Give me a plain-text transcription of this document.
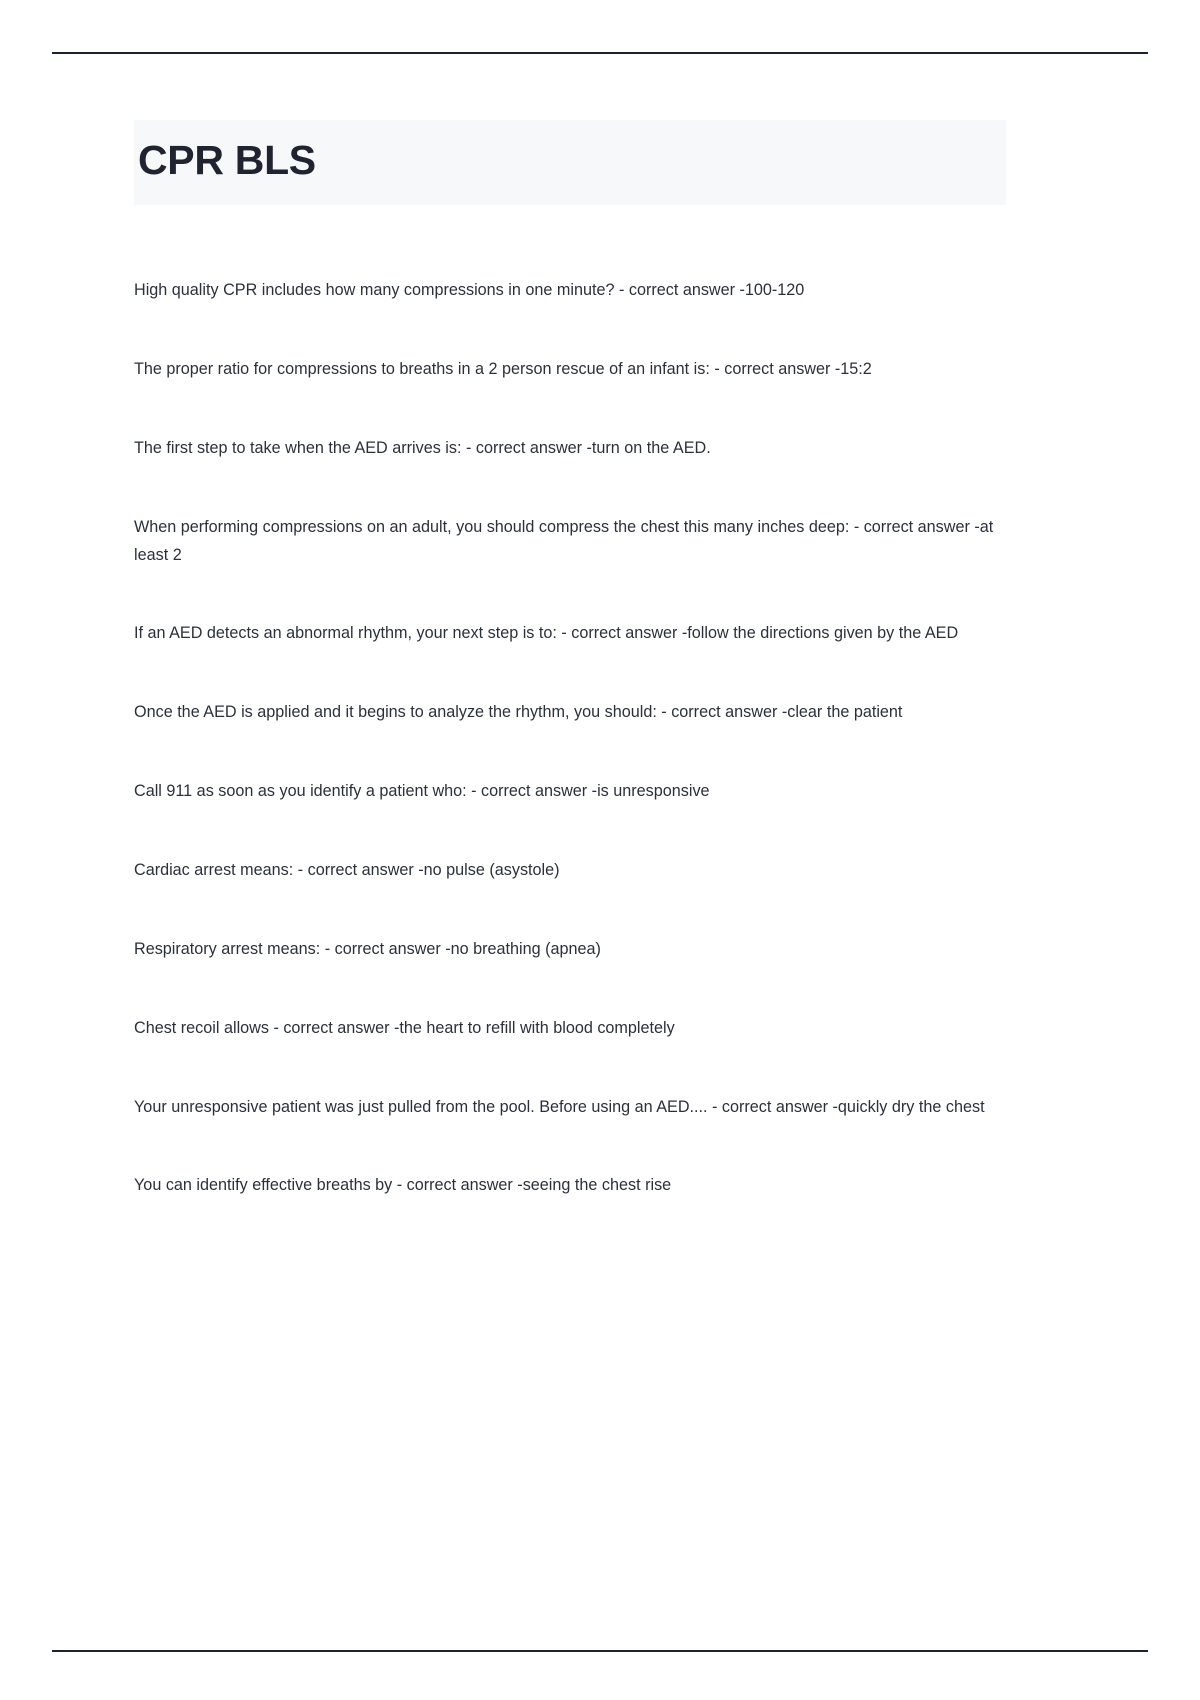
CPR BLS

High quality CPR includes how many compressions in one minute? - correct answer -100-120

The proper ratio for compressions to breaths in a 2 person rescue of an infant is: - correct answer -15:2

The first step to take when the AED arrives is: - correct answer -turn on the AED.

When performing compressions on an adult, you should compress the chest this many inches deep: - correct answer -at least 2

If an AED detects an abnormal rhythm, your next step is to: - correct answer -follow the directions given by the AED

Once the AED is applied and it begins to analyze the rhythm, you should: - correct answer -clear the patient

Call 911 as soon as you identify a patient who: - correct answer -is unresponsive

Cardiac arrest means: - correct answer -no pulse (asystole)

Respiratory arrest means: - correct answer -no breathing (apnea)

Chest recoil allows - correct answer -the heart to refill with blood completely

Your unresponsive patient was just pulled from the pool. Before using an AED.... - correct answer -quickly dry the chest

You can identify effective breaths by - correct answer -seeing the chest rise
